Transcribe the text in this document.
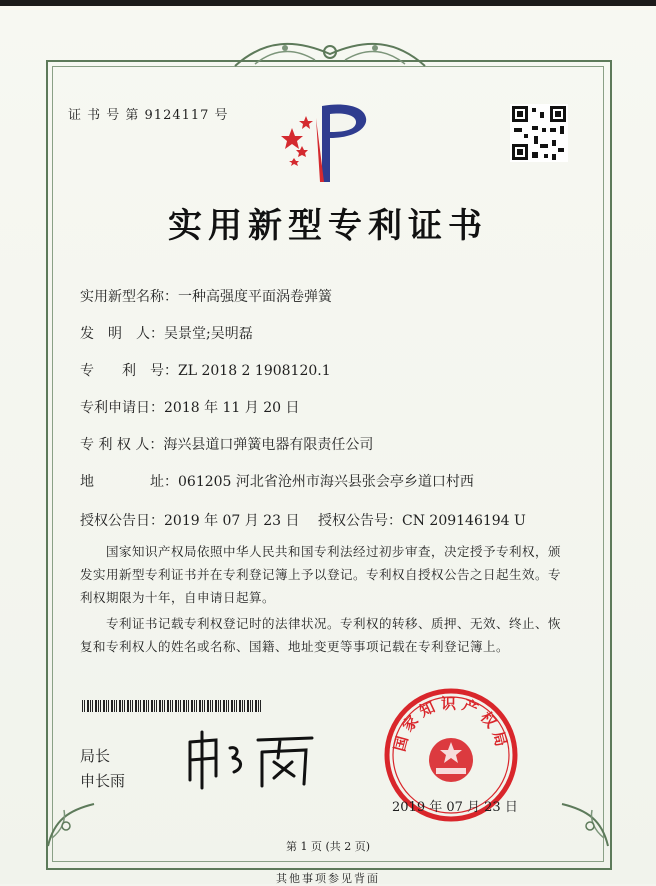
证 书 号 第 9124117 号
实用新型专利证书
实用新型名称：一种高强度平面涡卷弹簧
发　明　人：吴景堂;吴明磊
专　　利　号：ZL 2018 2 1908120.1
专利申请日：2018 年 11 月 20 日
专 利 权 人：海兴县道口弹簧电器有限责任公司
地　　　　址：061205 河北省沧州市海兴县张会亭乡道口村西
授权公告日：2019 年 07 月 23 日 授权公告号：CN 209146194 U
国家知识产权局依照中华人民共和国专利法经过初步审查，决定授予专利权，颁发实用新型专利证书并在专利登记簿上予以登记。专利权自授权公告之日起生效。专利权期限为十年，自申请日起算。
专利证书记载专利权登记时的法律状况。专利权的转移、质押、无效、终止、恢复和专利权人的姓名或名称、国籍、地址变更等事项记载在专利登记簿上。
局长
申长雨
国家知识产权局
2019 年 07 月 23 日
第 1 页 (共 2 页)
其他事项参见背面
